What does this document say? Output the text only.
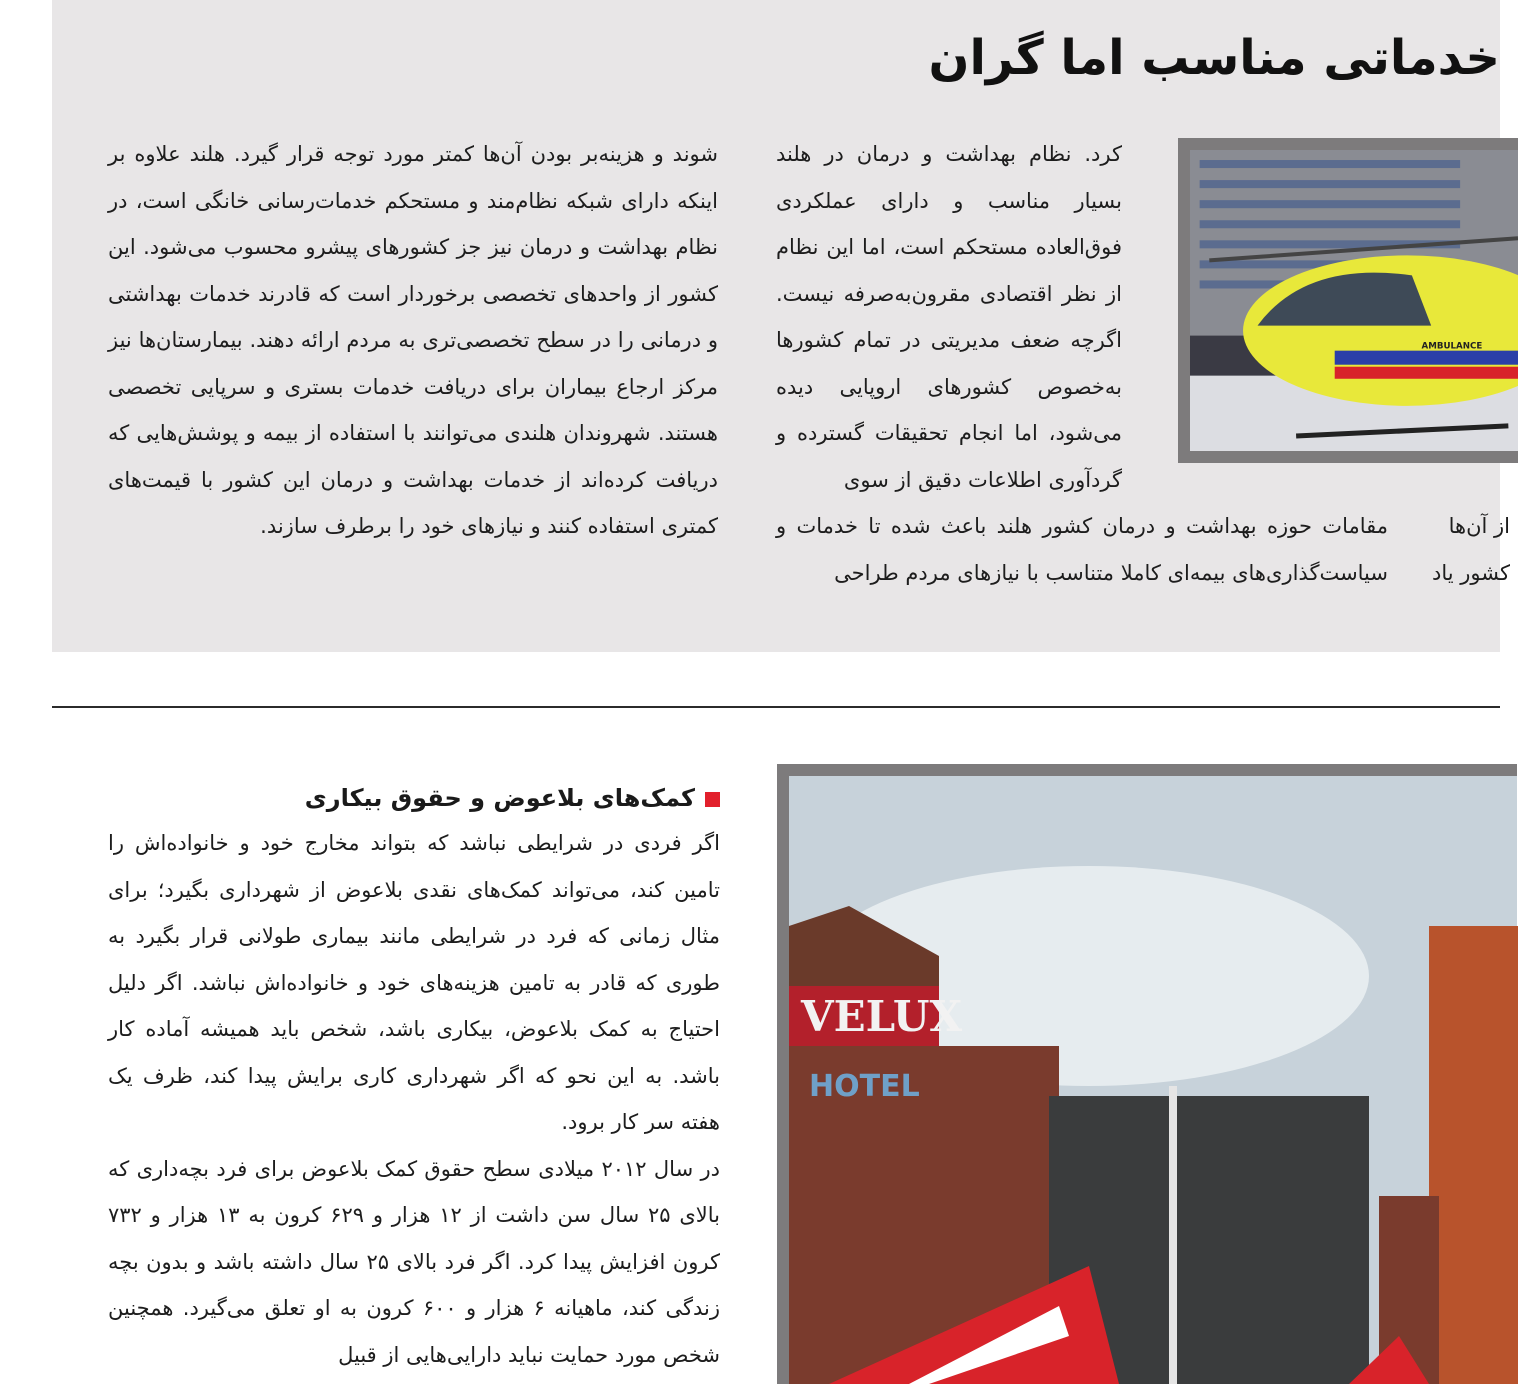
خدماتی مناسب اما گران

شوند و هزینه‌بر بودن آن‌ها کمتر مورد توجه قرار گیرد. هلند علاوه بر اینکه دارای شبکه نظام‌مند و مستحکم خدمات‌رسانی خانگی است، در نظام بهداشت و درمان نیز جز کشورهای پیشرو محسوب می‌شود. این کشور از واحدهای تخصصی برخوردار است که قادرند خدمات بهداشتی و درمانی را در سطح تخصصی‌تری به مردم ارائه دهند. بیمارستان‌ها نیز مرکز ارجاع بیماران برای دریافت خدمات بستری و سرپایی تخصصی هستند. شهروندان هلندی می‌توانند با استفاده از بیمه و پوشش‌هایی که دریافت کرده‌اند از خدمات بهداشت و درمان این کشور با قیمت‌های کمتری استفاده کنند و نیازهای خود را برطرف سازند.

کرد. نظام بهداشت و درمان در هلند بسیار مناسب و دارای عملکردی فوق‌العاده مستحکم است، اما این نظام از نظر اقتصادی مقرون‌به‌صرفه نیست. اگرچه ضعف مدیریتی در تمام کشورها به‌خصوص کشورهای اروپایی دیده می‌شود، اما انجام تحقیقات گسترده و گردآوری اطلاعات دقیق از سوی

مقامات حوزه بهداشت و درمان کشور هلند باعث شده تا خدمات و سیاست‌گذاری‌های بیمه‌ای کاملا متناسب با نیازهای مردم طراحی

از آن‌ها

کشور یاد

AMBULANCE
کمک‌های بلاعوض و حقوق بیکاری

اگر فردی در شرایطی نباشد که بتواند مخارج خود و خانواده‌اش را تامین کند، می‌تواند کمک‌های نقدی بلاعوض از شهرداری بگیرد؛ برای مثال زمانی که فرد در شرایطی مانند بیماری طولانی قرار بگیرد به طوری که قادر به تامین هزینه‌های خود و خانواده‌اش نباشد. اگر دلیل احتیاج به کمک بلاعوض، بیکاری باشد، شخص باید همیشه آماده کار باشد. به این نحو که اگر شهرداری کاری برایش پیدا کند، ظرف یک هفته سر کار برود.

در سال ۲۰۱۲ میلادی سطح حقوق کمک بلاعوض برای فرد بچه‌داری که بالای ۲۵ سال سن داشت از ۱۲ هزار و ۶۲۹ کرون به ۱۳ هزار و ۷۳۲ کرون افزایش پیدا کرد. اگر فرد بالای ۲۵ سال داشته باشد و بدون بچه زندگی کند، ماهیانه ۶ هزار و ۶۰۰ کرون به او تعلق می‌گیرد. همچنین شخص مورد حمایت نباید دارایی‌هایی از قبیل

VELUX
HOTEL
